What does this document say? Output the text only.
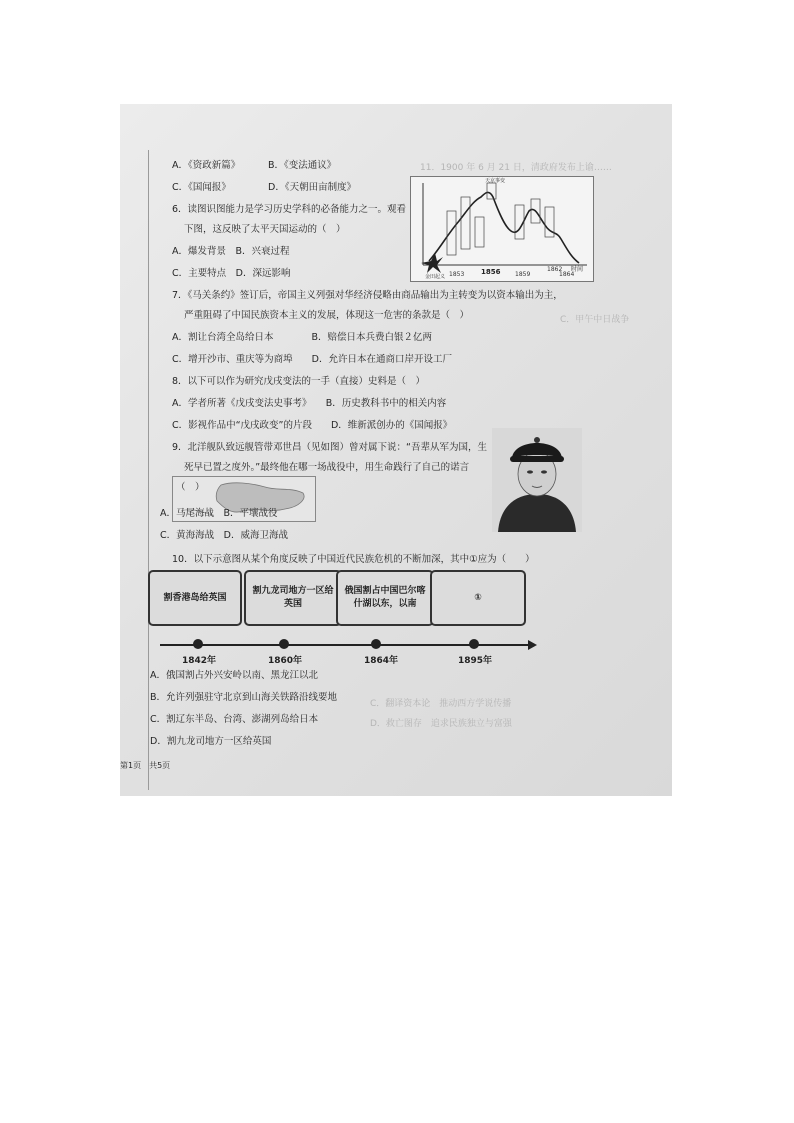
11．1900 年 6 月 21 日，清政府发布上谕……
C．甲午中日战争
C．翻译资本论　推动西方学说传播
D．救亡图存　追求民族独立与富强
A．《资政新篇》	B．《变法通议》
C．《国闻报》	D．《天朝田亩制度》
6．读图识图能力是学习历史学科的必备能力之一。观看
下图，这反映了太平天国运动的（　）
A．爆发背景　B．兴衰过程
C．主要特点　D．深远影响	1853 1856 1859
1862
1864
时间
金田起义
天京事变
7．《马关条约》签订后，帝国主义列强对华经济侵略由商品输出为主转变为以资本输出为主，
严重阻碍了中国民族资本主义的发展，体现这一危害的条款是（　）
A．割让台湾全岛给日本　　　　B．赔偿日本兵费白银２亿两
C．增开沙市、重庆等为商埠　　D．允许日本在通商口岸开设工厂
8．以下可以作为研究戊戌变法的一手（直接）史料是（　）
A．学者所著《戊戌变法史事考》　　B．历史教科书中的相关内容
C．影视作品中“戊戌政变”的片段　　D．维新派创办的《国闻报》
9．北洋舰队致远舰管带邓世昌（见如图）曾对属下说：“吾辈从军为国，生
死早已置之度外。”最终他在哪一场战役中，用生命践行了自己的诺言
（　）
A．马尾海战　B．平壤战役
C．黄海海战　D．威海卫海战
10．以下示意图从某个角度反映了中国近代民族危机的不断加深，其中①应为（　　）
割香港岛给英国
割九龙司地方一区给英国
俄国割占中国巴尔喀什湖以东，以南
①
1842年	1860年	1864年	1895年
A．俄国割占外兴安岭以南、黑龙江以北
B．允许列强驻守北京到山海关铁路沿线要地
C．割辽东半岛、台湾、澎湖列岛给日本
D．割九龙司地方一区给英国
第1页　共5页
